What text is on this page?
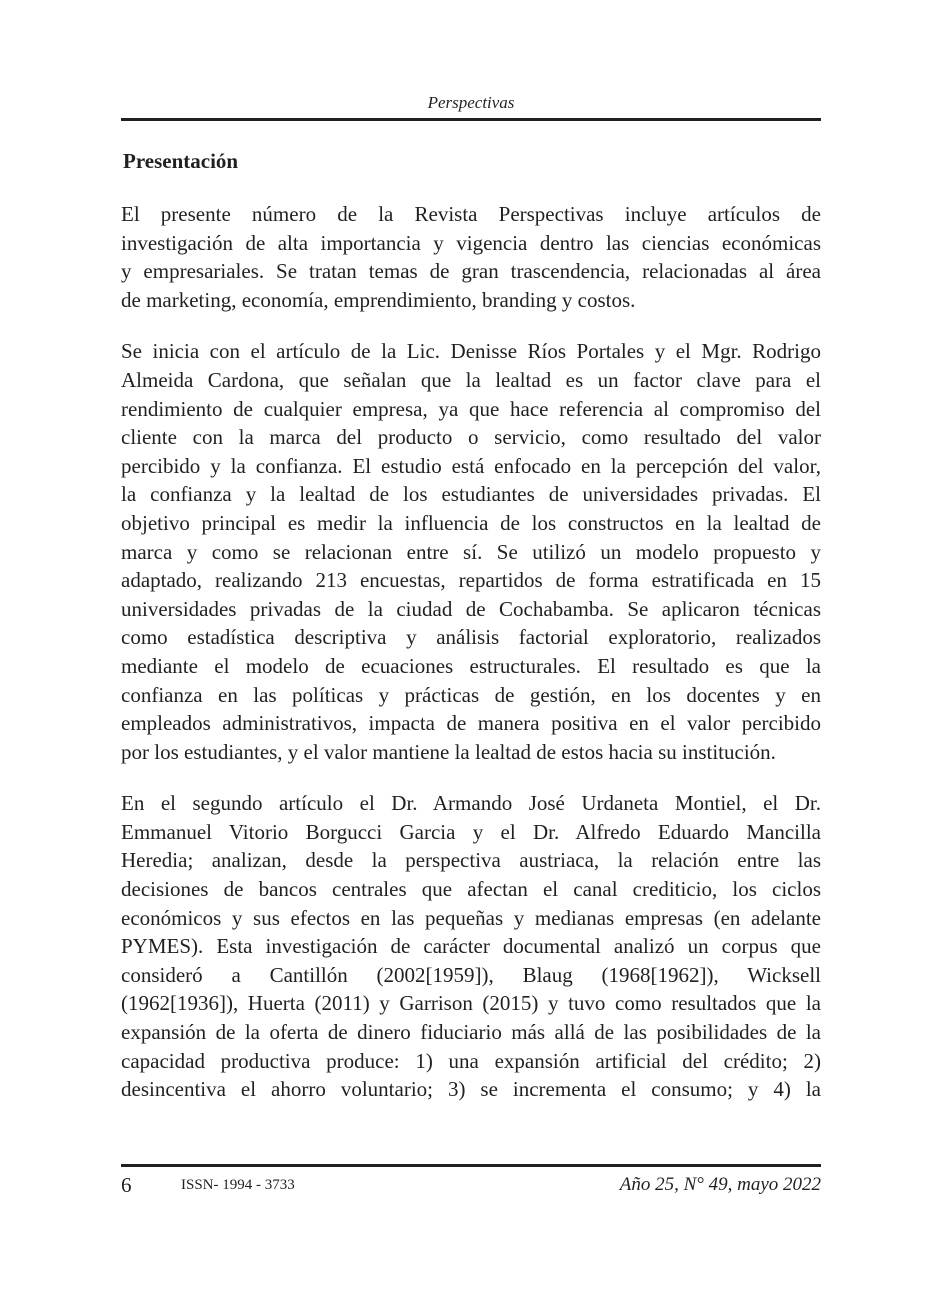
Perspectivas
Presentación

El presente número de la Revista Perspectivas incluye artículos de
investigación de alta importancia y vigencia dentro las ciencias económicas
y empresariales. Se tratan temas de gran trascendencia, relacionadas al área
de marketing, economía, emprendimiento, branding y costos.

Se inicia con el artículo de la Lic. Denisse Ríos Portales y el Mgr. Rodrigo
Almeida Cardona, que señalan que la lealtad es un factor clave para el
rendimiento de cualquier empresa, ya que hace referencia al compromiso del
cliente con la marca del producto o servicio, como resultado del valor
percibido y la confianza. El estudio está enfocado en la percepción del valor,
la confianza y la lealtad de los estudiantes de universidades privadas. El
objetivo principal es medir la influencia de los constructos en la lealtad de
marca y como se relacionan entre sí. Se utilizó un modelo propuesto y
adaptado, realizando 213 encuestas, repartidos de forma estratificada en 15
universidades privadas de la ciudad de Cochabamba. Se aplicaron técnicas
como estadística descriptiva y análisis factorial exploratorio, realizados
mediante el modelo de ecuaciones estructurales. El resultado es que la
confianza en las políticas y prácticas de gestión, en los docentes y en
empleados administrativos, impacta de manera positiva en el valor percibido
por los estudiantes, y el valor mantiene la lealtad de estos hacia su institución.

En el segundo artículo el Dr. Armando José Urdaneta Montiel, el Dr.
Emmanuel Vitorio Borgucci Garcia y el Dr. Alfredo Eduardo Mancilla
Heredia; analizan, desde la perspectiva austriaca, la relación entre las
decisiones de bancos centrales que afectan el canal crediticio, los ciclos
económicos y sus efectos en las pequeñas y medianas empresas (en adelante
PYMES). Esta investigación de carácter documental analizó un corpus que
consideró a Cantillón (2002[1959]), Blaug (1968[1962]), Wicksell
(1962[1936]), Huerta (2011) y Garrison (2015) y tuvo como resultados que la
expansión de la oferta de dinero fiduciario más allá de las posibilidades de la
capacidad productiva produce: 1) una expansión artificial del crédito; 2)
desincentiva el ahorro voluntario; 3) se incrementa el consumo; y 4) la

6	ISSN- 1994 - 3733	Año 25, N° 49, mayo 2022
